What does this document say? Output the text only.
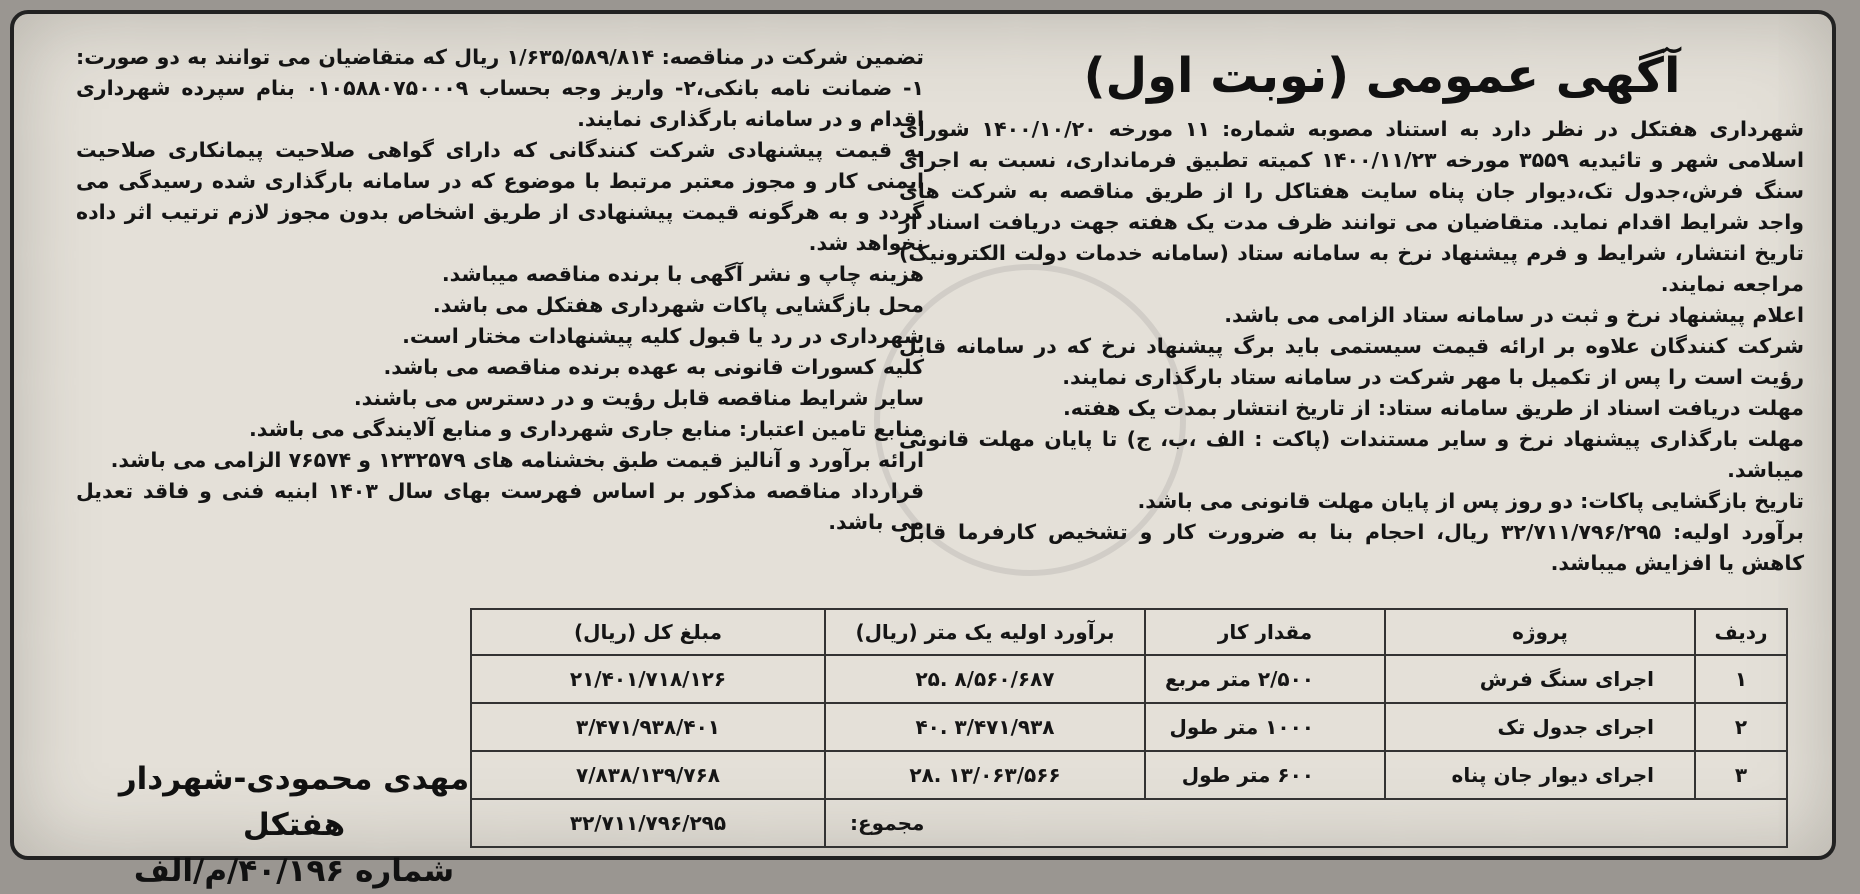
آگهی عمومی (نوبت اول)

شهرداری هفتکل در نظر دارد به استناد مصوبه شماره: ۱۱ مورخه ۱۴۰۰/۱۰/۲۰ شورای اسلامی شهر و تائیدیه ۳۵۵۹ مورخه ۱۴۰۰/۱۱/۲۳ کمیته تطبیق فرمانداری، نسبت به اجرای سنگ فرش،جدول تک،دیوار جان پناه سایت هفتاکل را از طریق مناقصه به شرکت های واجد شرایط اقدام نماید. متقاضیان می توانند ظرف مدت یک هفته جهت دریافت اسناد از تاریخ انتشار، شرایط و فرم پیشنهاد نرخ به سامانه ستاد (سامانه خدمات دولت الکترونیک) مراجعه نمایند.

اعلام پیشنهاد نرخ و ثبت در سامانه ستاد الزامی می باشد.

شرکت کنندگان علاوه بر ارائه قیمت سیستمی باید برگ پیشنهاد نرخ که در سامانه قابل رؤیت است را پس از تکمیل با مهر شرکت در سامانه ستاد بارگذاری نمایند.

مهلت دریافت اسناد از طریق سامانه ستاد: از تاریخ انتشار بمدت یک هفته.

مهلت بارگذاری پیشنهاد نرخ و سایر مستندات (پاکت : الف ،ب، ج) تا پایان مهلت قانونی میباشد.

تاریخ بازگشایی پاکات: دو روز پس از پایان مهلت قانونی می باشد.

برآورد اولیه: ۳۲/۷۱۱/۷۹۶/۲۹۵ ریال، احجام بنا به ضرورت کار و تشخیص کارفرما قابل کاهش یا افزایش میباشد.

تضمین شرکت در مناقصه: ۱/۶۳۵/۵۸۹/۸۱۴ ریال که متقاضیان می توانند به دو صورت: ۱- ضمانت نامه بانکی،۲- واریز وجه بحساب ۰۱۰۵۸۸۰۷۵۰۰۰۹ بنام سپرده شهرداری اقدام و در سامانه بارگذاری نمایند.

به قیمت پیشنهادی شرکت کنندگانی که دارای گواهی صلاحیت پیمانکاری صلاحیت ایمنی کار و مجوز معتبر مرتبط با موضوع که در سامانه بارگذاری شده رسیدگی می گردد و به هرگونه قیمت پیشنهادی از طریق اشخاص بدون مجوز لازم ترتیب اثر داده نخواهد شد.

هزینه چاپ و نشر آگهی با برنده مناقصه میباشد.

محل بازگشایی پاکات شهرداری هفتکل می باشد.

شهرداری در رد یا قبول کلیه پیشنهادات مختار است.

کلیه کسورات قانونی به عهده برنده مناقصه می باشد.

سایر شرایط مناقصه قابل رؤیت و در دسترس می باشند.

منابع تامین اعتبار: منابع جاری شهرداری و منابع آلایندگی می باشد.

ارائه برآورد و آنالیز قیمت طبق بخشنامه های ۱۲۳۲۵۷۹ و ۷۶۵۷۴ الزامی می باشد.

قرارداد مناقصه مذکور بر اساس فهرست بهای سال ۱۴۰۳ ابنیه فنی و فاقد تعدیل می باشد.

ردیف	پروژه	مقدار کار	برآورد اولیه یک متر (ریال)	مبلغ کل (ریال)
۱	اجرای سنگ فرش	۲/۵۰۰ متر مربع	۸/۵۶۰/۶۸۷ .۲۵	۲۱/۴۰۱/۷۱۸/۱۲۶
۲	اجرای جدول تک	۱۰۰۰ متر طول	۳/۴۷۱/۹۳۸ .۴۰	۳/۴۷۱/۹۳۸/۴۰۱
۳	اجرای دیوار جان پناه	۶۰۰ متر طول	۱۳/۰۶۳/۵۶۶ .۲۸	۷/۸۳۸/۱۳۹/۷۶۸
مجموع:				۳۲/۷۱۱/۷۹۶/۲۹۵

مهدی محمودی-شهردار هفتکل

شماره ۴۰/۱۹۶/م/الف
